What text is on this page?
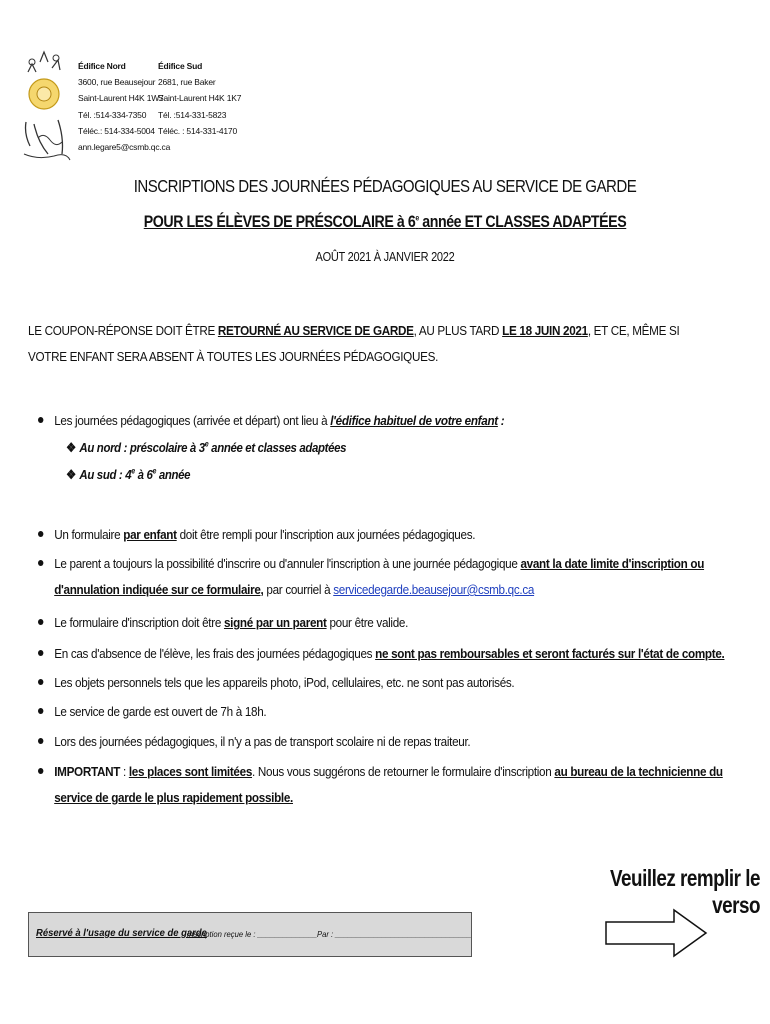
Édifice Nord
3600, rue Beausejour
Saint-Laurent H4K 1W7
Tél. :514-334-7350
Téléc.: 514-334-5004
ann.legare5@csmb.qc.ca
Édifice Sud
2681, rue Baker
Saint-Laurent H4K 1K7
Tél. :514-331-5823
Téléc. : 514-331-4170
INSCRIPTIONS DES JOURNÉES PÉDAGOGIQUES AU SERVICE DE GARDE
POUR LES ÉLÈVES DE PRÉSCOLAIRE à 6e année ET CLASSES ADAPTÉES
AOÛT 2021 À JANVIER 2022
LE COUPON-RÉPONSE DOIT ÊTRE RETOURNÉ AU SERVICE DE GARDE, AU PLUS TARD LE 18 JUIN 2021, ET CE, MÊME SI VOTRE ENFANT SERA ABSENT À TOUTES LES JOURNÉES PÉDAGOGIQUES.
Les journées pédagogiques (arrivée et départ) ont lieu à l'édifice habituel de votre enfant :
❖ Au nord : préscolaire à 3e année et classes adaptées
❖ Au sud : 4e à 6e année
Un formulaire par enfant doit être rempli pour l'inscription aux journées pédagogiques.
Le parent a toujours la possibilité d'inscrire ou d'annuler l'inscription à une journée pédagogique avant la date limite d'inscription ou d'annulation indiquée sur ce formulaire, par courriel à servicedegarde.beausejour@csmb.qc.ca
Le formulaire d'inscription doit être signé par un parent pour être valide.
En cas d'absence de l'élève, les frais des journées pédagogiques ne sont pas remboursables et seront facturés sur l'état de compte.
Les objets personnels tels que les appareils photo, iPod, cellulaires, etc. ne sont pas autorisés.
Le service de garde est ouvert de 7h à 18h.
Lors des journées pédagogiques, il n'y a pas de transport scolaire ni de repas traiteur.
IMPORTANT : les places sont limitées. Nous vous suggérons de retourner le formulaire d'inscription au bureau de la technicienne du service de garde le plus rapidement possible.
Veuillez remplir le verso
Réservé à l'usage du service de garde
Inscription reçue le : ______________ Par : ________________________________
